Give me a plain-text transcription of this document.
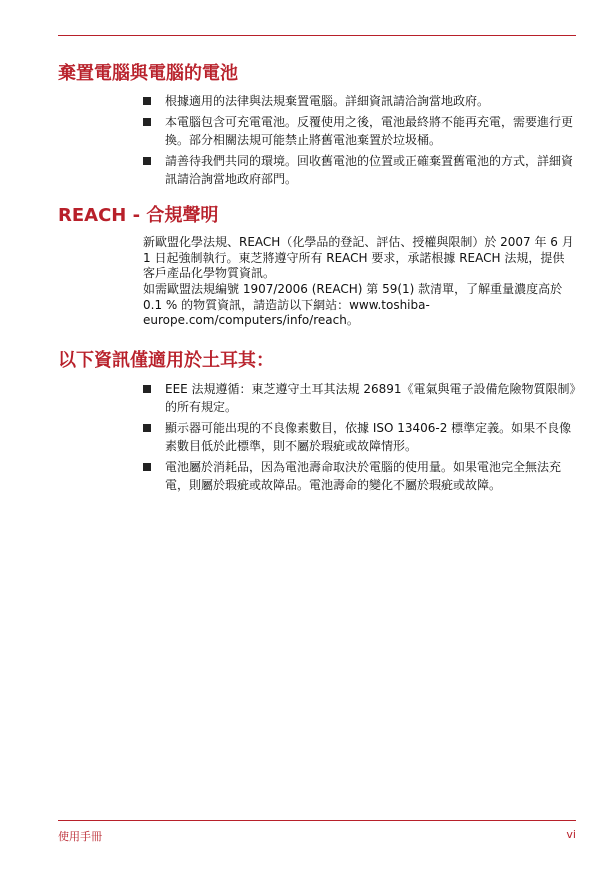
棄置電腦與電腦的電池
根據適用的法律與法規棄置電腦。詳細資訊請洽詢當地政府。
本電腦包含可充電電池。反覆使用之後，電池最終將不能再充電，需要進行更換。部分相關法規可能禁止將舊電池棄置於垃圾桶。
請善待我們共同的環境。回收舊電池的位置或正確棄置舊電池的方式，詳細資訊請洽詢當地政府部門。
REACH - 合規聲明

新歐盟化學法規、REACH（化學品的登記、評估、授權與限制）於 2007 年 6 月 1 日起強制執行。東芝將遵守所有 REACH 要求，承諾根據 REACH 法規，提供客戶產品化學物質資訊。

如需歐盟法規編號 1907/2006 (REACH) 第 59(1) 款清單，了解重量濃度高於 0.1 % 的物質資訊，請造訪以下網站：www.toshiba-europe.com/computers/info/reach。

以下資訊僅適用於土耳其：
EEE 法規遵循：東芝遵守土耳其法規 26891《電氣與電子設備危險物質限制》的所有規定。
顯示器可能出現的不良像素數目，依據 ISO 13406-2 標準定義。如果不良像素數目低於此標準，則不屬於瑕疵或故障情形。
電池屬於消耗品，因為電池壽命取決於電腦的使用量。如果電池完全無法充電，則屬於瑕疵或故障品。電池壽命的變化不屬於瑕疵或故障。
使用手冊	vi
